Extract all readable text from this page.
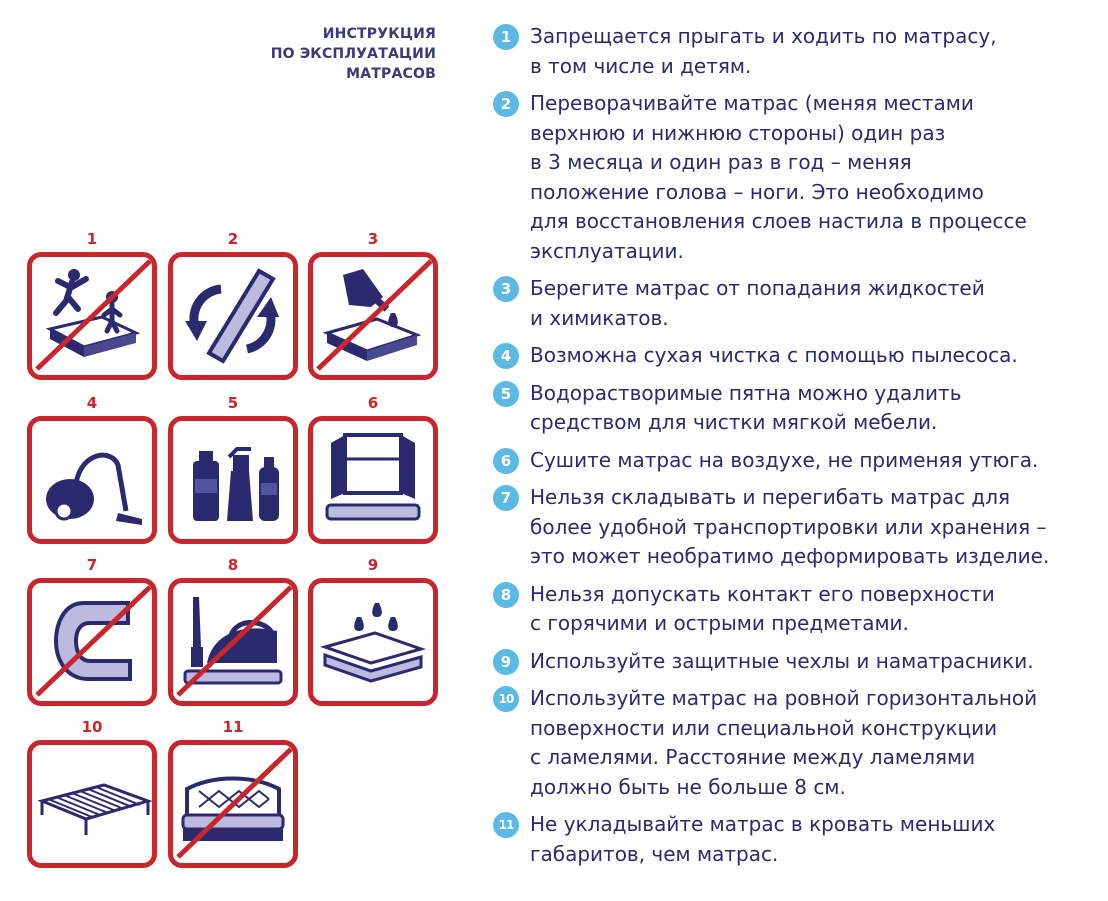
ИНСТРУКЦИЯ
ПО ЭКСПЛУАТАЦИИ
МАТРАСОВ
1	2	3
4	5	6
7	8	9
10	11
1 Запрещается прыгать и ходить по матрасу,
в том числе и детям.
2 Переворачивайте матрас (меняя местами
верхнюю и нижнюю стороны) один раз
в 3 месяца и один раз в год – меняя
положение голова – ноги. Это необходимо
для восстановления слоев настила в процессе
эксплуатации.
3 Берегите матрас от попадания жидкостей
и химикатов.
4 Возможна сухая чистка с помощью пылесоса.
5 Водорастворимые пятна можно удалить
средством для чистки мягкой мебели.
6 Сушите матрас на воздухе, не применяя утюга.
7 Нельзя складывать и перегибать матрас для
более удобной транспортировки или хранения –
это может необратимо деформировать изделие.
8 Нельзя допускать контакт его поверхности
с горячими и острыми предметами.
9 Используйте защитные чехлы и наматрасники.
10 Используйте матрас на ровной горизонтальной
поверхности или специальной конструкции
с ламелями. Расстояние между ламелями
должно быть не больше 8 см.
11 Не укладывайте матрас в кровать меньших
габаритов, чем матрас.
